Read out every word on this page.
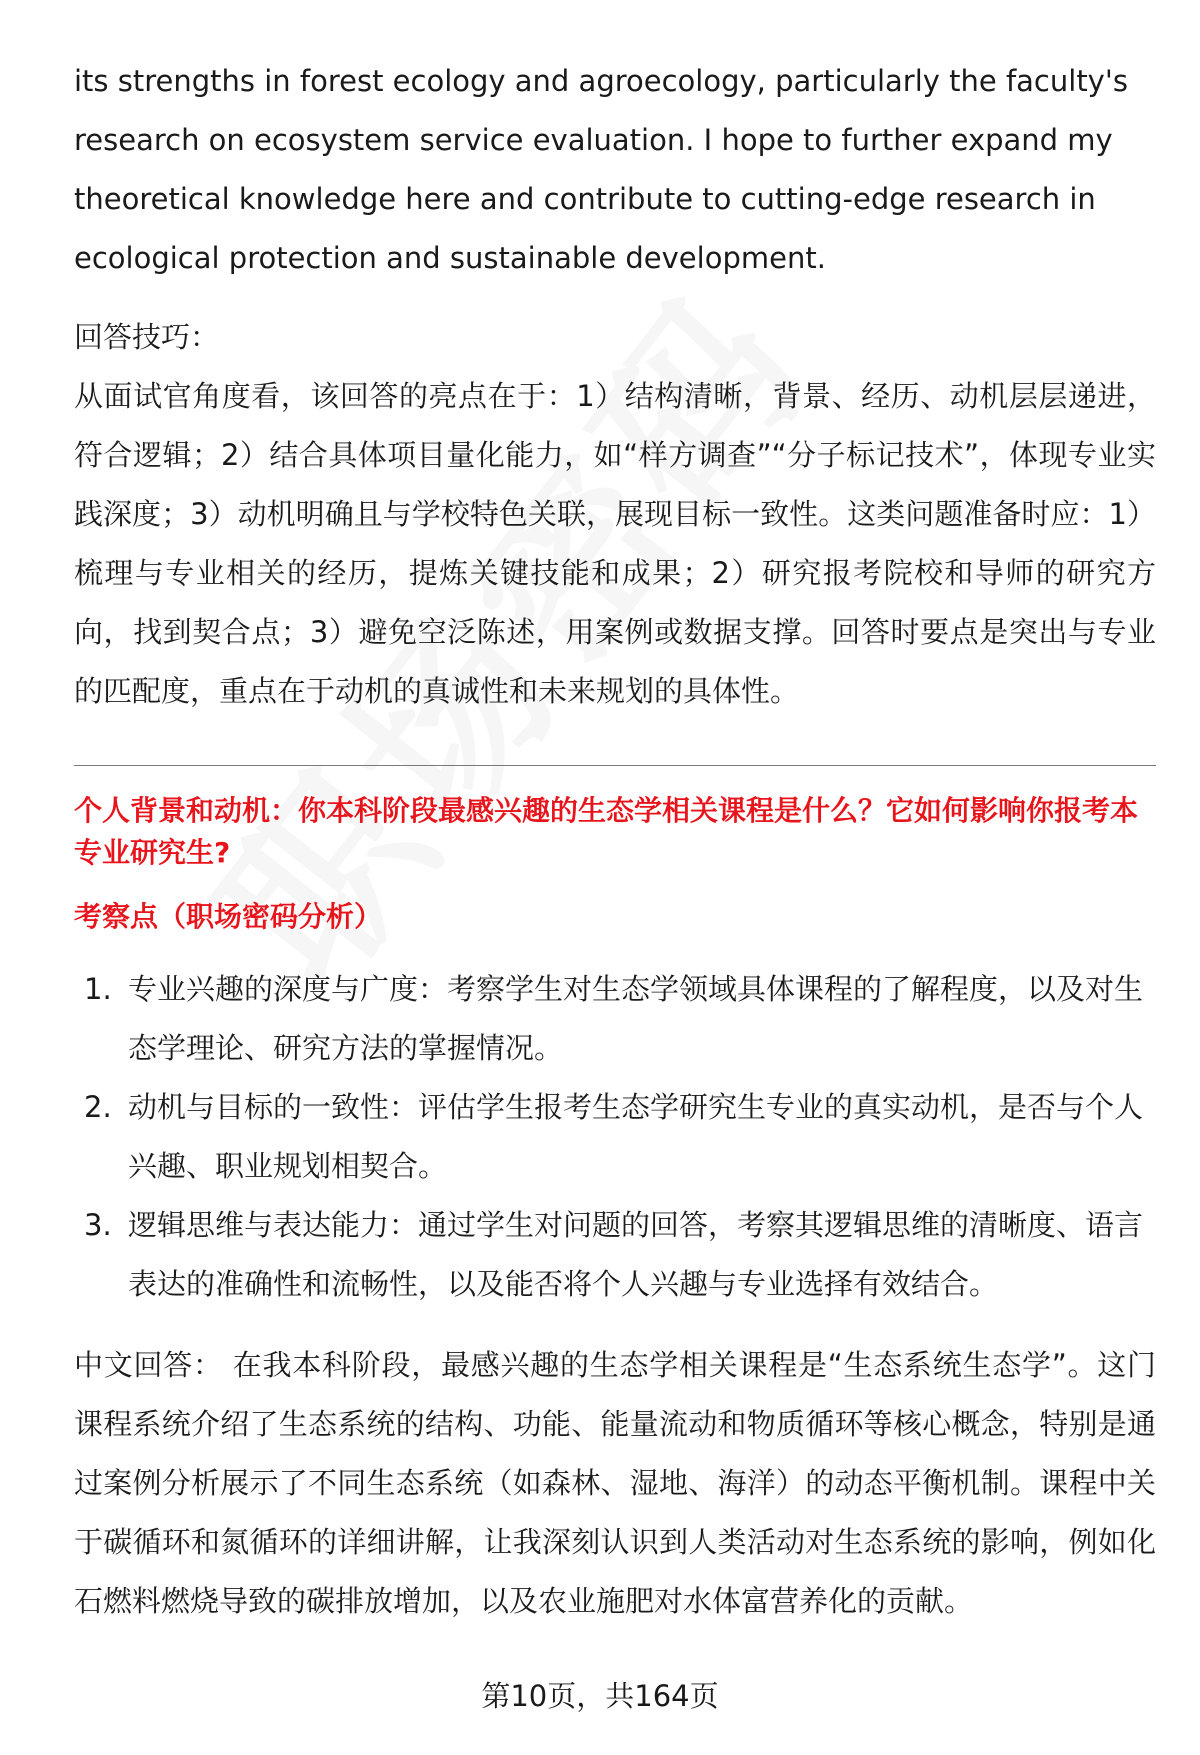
its strengths in forest ecology and agroecology, particularly the faculty's research on ecosystem service evaluation. I hope to further expand my theoretical knowledge here and contribute to cutting-edge research in ecological protection and sustainable development.

回答技巧：

从面试官角度看，该回答的亮点在于：1）结构清晰，背景、经历、动机层层递进，符合逻辑；2）结合具体项目量化能力，如“样方调查”“分子标记技术”，体现专业实践深度；3）动机明确且与学校特色关联，展现目标一致性。这类问题准备时应：1）梳理与专业相关的经历，提炼关键技能和成果；2）研究报考院校和导师的研究方向，找到契合点；3）避免空泛陈述，用案例或数据支撑。回答时要点是突出与专业的匹配度，重点在于动机的真诚性和未来规划的具体性。

个人背景和动机：你本科阶段最感兴趣的生态学相关课程是什么？它如何影响你报考本专业研究生?

考察点（职场密码分析）

1. 专业兴趣的深度与广度：考察学生对生态学领域具体课程的了解程度，以及对生态学理论、研究方法的掌握情况。
2. 动机与目标的一致性：评估学生报考生态学研究生专业的真实动机，是否与个人兴趣、职业规划相契合。
3. 逻辑思维与表达能力：通过学生对问题的回答，考察其逻辑思维的清晰度、语言表达的准确性和流畅性，以及能否将个人兴趣与专业选择有效结合。

中文回答： 在我本科阶段，最感兴趣的生态学相关课程是“生态系统生态学”。这门课程系统介绍了生态系统的结构、功能、能量流动和物质循环等核心概念，特别是通过案例分析展示了不同生态系统（如森林、湿地、海洋）的动态平衡机制。课程中关于碳循环和氮循环的详细讲解，让我深刻认识到人类活动对生态系统的影响，例如化石燃料燃烧导致的碳排放增加，以及农业施肥对水体富营养化的贡献。

第10页，共164页
